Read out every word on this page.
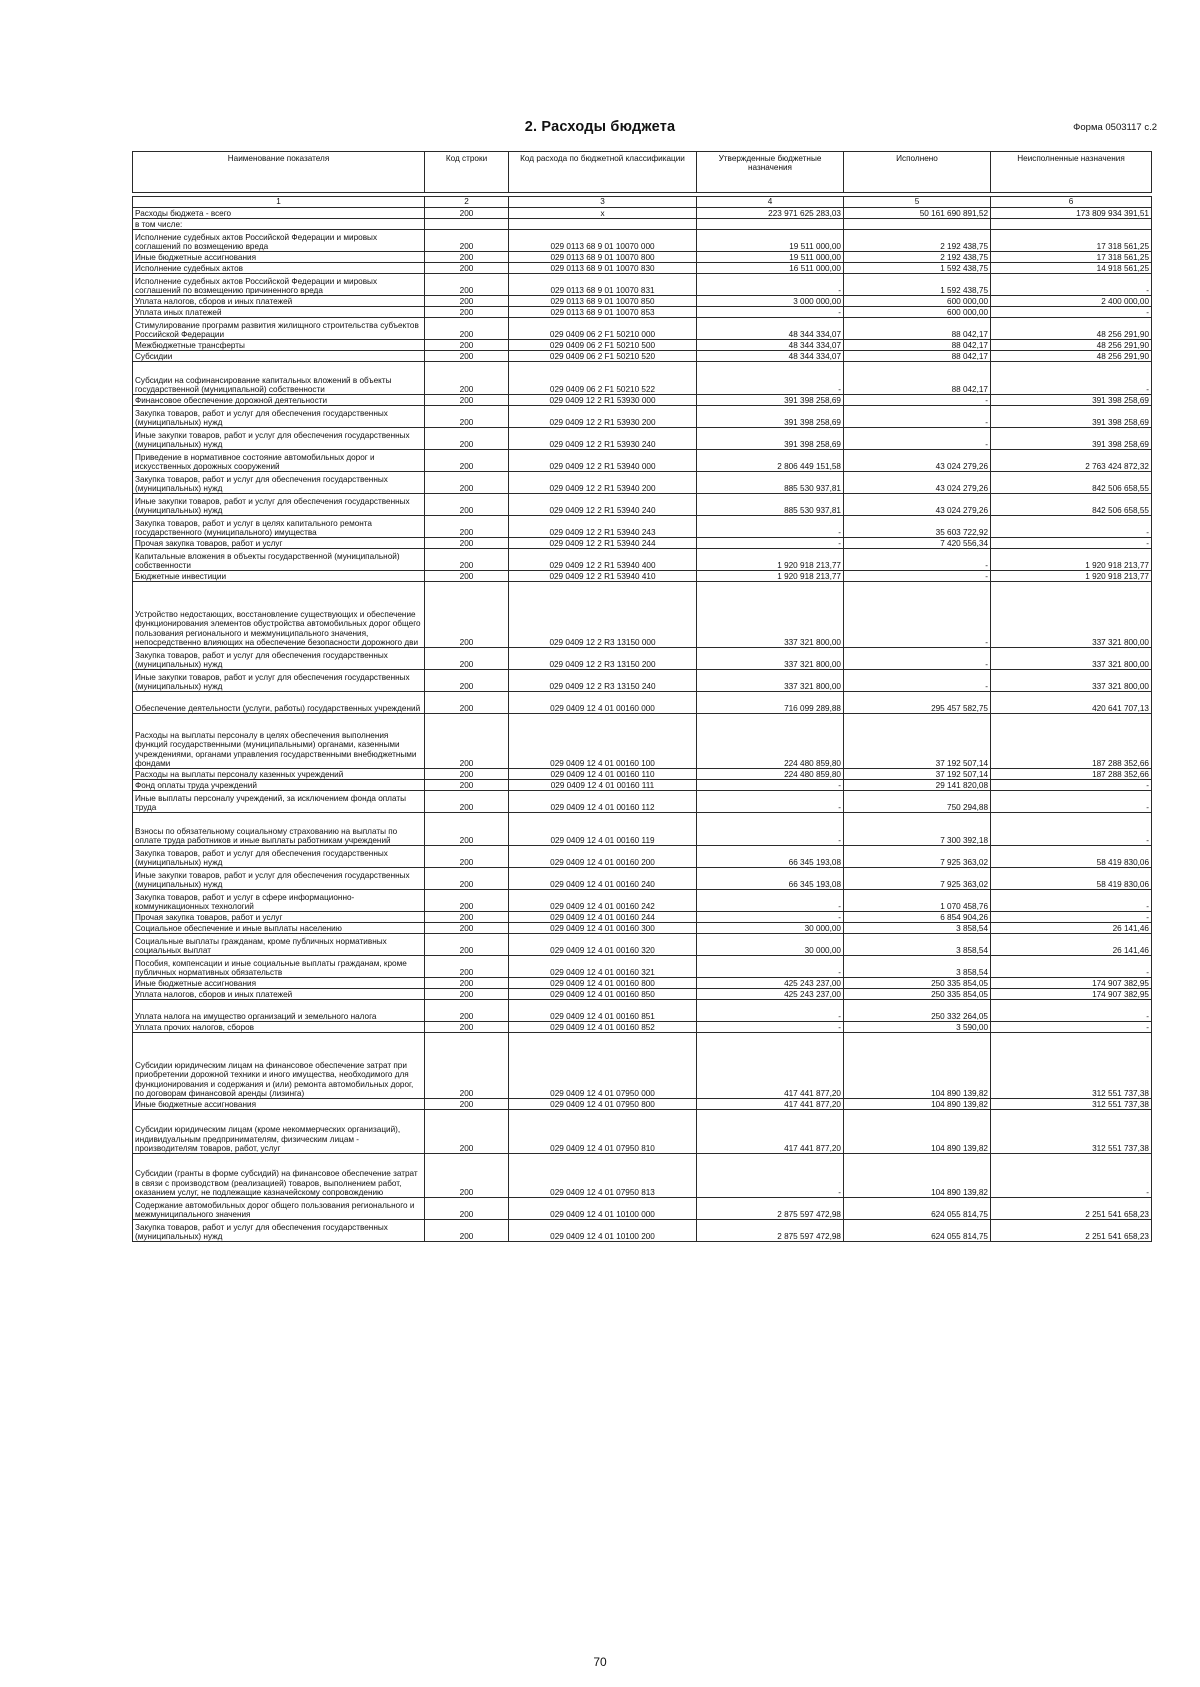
2. Расходы бюджета	Форма 0503117 с.2
Наименование показателя	Код строки	Код расхода по бюджетной классификации	Утвержденные бюджетные назначения	Исполнено	Неисполненные назначения

1	2	3	4	5	6
Расходы бюджета - всего	200	x	223 971 625 283,03	50 161 690 891,52	173 809 934 391,51
в том числе:					
Исполнение судебных актов Российской Федерации и мировых соглашений по возмещению вреда	200	029 0113 68 9 01 10070 000	19 511 000,00	2 192 438,75	17 318 561,25
Иные бюджетные ассигнования	200	029 0113 68 9 01 10070 800	19 511 000,00	2 192 438,75	17 318 561,25
Исполнение судебных актов	200	029 0113 68 9 01 10070 830	16 511 000,00	1 592 438,75	14 918 561,25
Исполнение судебных актов Российской Федерации и мировых соглашений по возмещению причиненного вреда	200	029 0113 68 9 01 10070 831	-	1 592 438,75	-
Уплата налогов, сборов и иных платежей	200	029 0113 68 9 01 10070 850	3 000 000,00	600 000,00	2 400 000,00
Уплата иных платежей	200	029 0113 68 9 01 10070 853	-	600 000,00	-
Стимулирование программ развития жилищного строительства субъектов Российской Федерации	200	029 0409 06 2 F1 50210 000	48 344 334,07	88 042,17	48 256 291,90
Межбюджетные трансферты	200	029 0409 06 2 F1 50210 500	48 344 334,07	88 042,17	48 256 291,90
Субсидии	200	029 0409 06 2 F1 50210 520	48 344 334,07	88 042,17	48 256 291,90
Субсидии на софинансирование капитальных вложений в объекты государственной (муниципальной) собственности	200	029 0409 06 2 F1 50210 522	-	88 042,17	-
Финансовое обеспечение дорожной деятельности	200	029 0409 12 2 R1 53930 000	391 398 258,69	-	391 398 258,69
Закупка товаров, работ и услуг для обеспечения государственных (муниципальных) нужд	200	029 0409 12 2 R1 53930 200	391 398 258,69	-	391 398 258,69
Иные закупки товаров, работ и услуг для обеспечения государственных (муниципальных) нужд	200	029 0409 12 2 R1 53930 240	391 398 258,69	-	391 398 258,69
Приведение в нормативное состояние автомобильных дорог и искусственных дорожных сооружений	200	029 0409 12 2 R1 53940 000	2 806 449 151,58	43 024 279,26	2 763 424 872,32
Закупка товаров, работ и услуг для обеспечения государственных (муниципальных) нужд	200	029 0409 12 2 R1 53940 200	885 530 937,81	43 024 279,26	842 506 658,55
Иные закупки товаров, работ и услуг для обеспечения государственных (муниципальных) нужд	200	029 0409 12 2 R1 53940 240	885 530 937,81	43 024 279,26	842 506 658,55
Закупка товаров, работ и услуг в целях капитального ремонта государственного (муниципального) имущества	200	029 0409 12 2 R1 53940 243	-	35 603 722,92	-
Прочая закупка товаров, работ и услуг	200	029 0409 12 2 R1 53940 244	-	7 420 556,34	-
Капитальные вложения в объекты государственной (муниципальной) собственности	200	029 0409 12 2 R1 53940 400	1 920 918 213,77	-	1 920 918 213,77
Бюджетные инвестиции	200	029 0409 12 2 R1 53940 410	1 920 918 213,77	-	1 920 918 213,77
Устройство недостающих, восстановление существующих и обеспечение функционирования элементов обустройства автомобильных дорог общего пользования регионального и межмуниципального значения, непосредственно влияющих на обеспечение безопасности дорожного дви	200	029 0409 12 2 R3 13150 000	337 321 800,00	-	337 321 800,00
Закупка товаров, работ и услуг для обеспечения государственных (муниципальных) нужд	200	029 0409 12 2 R3 13150 200	337 321 800,00	-	337 321 800,00
Иные закупки товаров, работ и услуг для обеспечения государственных (муниципальных) нужд	200	029 0409 12 2 R3 13150 240	337 321 800,00	-	337 321 800,00
Обеспечение деятельности (услуги, работы) государственных учреждений	200	029 0409 12 4 01 00160 000	716 099 289,88	295 457 582,75	420 641 707,13
Расходы на выплаты персоналу в целях обеспечения выполнения функций государственными (муниципальными) органами, казенными учреждениями, органами управления государственными внебюджетными фондами	200	029 0409 12 4 01 00160 100	224 480 859,80	37 192 507,14	187 288 352,66
Расходы на выплаты персоналу казенных учреждений	200	029 0409 12 4 01 00160 110	224 480 859,80	37 192 507,14	187 288 352,66
Фонд оплаты труда учреждений	200	029 0409 12 4 01 00160 111	-	29 141 820,08	-
Иные выплаты персоналу учреждений, за исключением фонда оплаты труда	200	029 0409 12 4 01 00160 112	-	750 294,88	-
Взносы по обязательному социальному страхованию на выплаты по оплате труда работников и иные выплаты работникам учреждений	200	029 0409 12 4 01 00160 119	-	7 300 392,18	-
Закупка товаров, работ и услуг для обеспечения государственных (муниципальных) нужд	200	029 0409 12 4 01 00160 200	66 345 193,08	7 925 363,02	58 419 830,06
Иные закупки товаров, работ и услуг для обеспечения государственных (муниципальных) нужд	200	029 0409 12 4 01 00160 240	66 345 193,08	7 925 363,02	58 419 830,06
Закупка товаров, работ и услуг в сфере информационно-коммуникационных технологий	200	029 0409 12 4 01 00160 242	-	1 070 458,76	-
Прочая закупка товаров, работ и услуг	200	029 0409 12 4 01 00160 244	-	6 854 904,26	-
Социальное обеспечение и иные выплаты населению	200	029 0409 12 4 01 00160 300	30 000,00	3 858,54	26 141,46
Социальные выплаты гражданам, кроме публичных нормативных социальных выплат	200	029 0409 12 4 01 00160 320	30 000,00	3 858,54	26 141,46
Пособия, компенсации и иные социальные выплаты гражданам, кроме публичных нормативных обязательств	200	029 0409 12 4 01 00160 321	-	3 858,54	-
Иные бюджетные ассигнования	200	029 0409 12 4 01 00160 800	425 243 237,00	250 335 854,05	174 907 382,95
Уплата налогов, сборов и иных платежей	200	029 0409 12 4 01 00160 850	425 243 237,00	250 335 854,05	174 907 382,95
Уплата налога на имущество организаций и земельного налога	200	029 0409 12 4 01 00160 851	-	250 332 264,05	-
Уплата прочих налогов, сборов	200	029 0409 12 4 01 00160 852	-	3 590,00	-
Субсидии юридическим лицам на финансовое обеспечение затрат при приобретении дорожной техники и иного имущества, необходимого для функционирования и содержания и (или) ремонта автомобильных дорог, по договорам финансовой аренды (лизинга)	200	029 0409 12 4 01 07950 000	417 441 877,20	104 890 139,82	312 551 737,38
Иные бюджетные ассигнования	200	029 0409 12 4 01 07950 800	417 441 877,20	104 890 139,82	312 551 737,38
Субсидии юридическим лицам (кроме некоммерческих организаций), индивидуальным предпринимателям, физическим лицам - производителям товаров, работ, услуг	200	029 0409 12 4 01 07950 810	417 441 877,20	104 890 139,82	312 551 737,38
Субсидии (гранты в форме субсидий) на финансовое обеспечение затрат в связи с производством (реализацией) товаров, выполнением работ, оказанием услуг, не подлежащие казначейскому сопровождению	200	029 0409 12 4 01 07950 813	-	104 890 139,82	-
Содержание автомобильных дорог общего пользования регионального и межмуниципального значения	200	029 0409 12 4 01 10100 000	2 875 597 472,98	624 055 814,75	2 251 541 658,23
Закупка товаров, работ и услуг для обеспечения государственных (муниципальных) нужд	200	029 0409 12 4 01 10100 200	2 875 597 472,98	624 055 814,75	2 251 541 658,23
70
